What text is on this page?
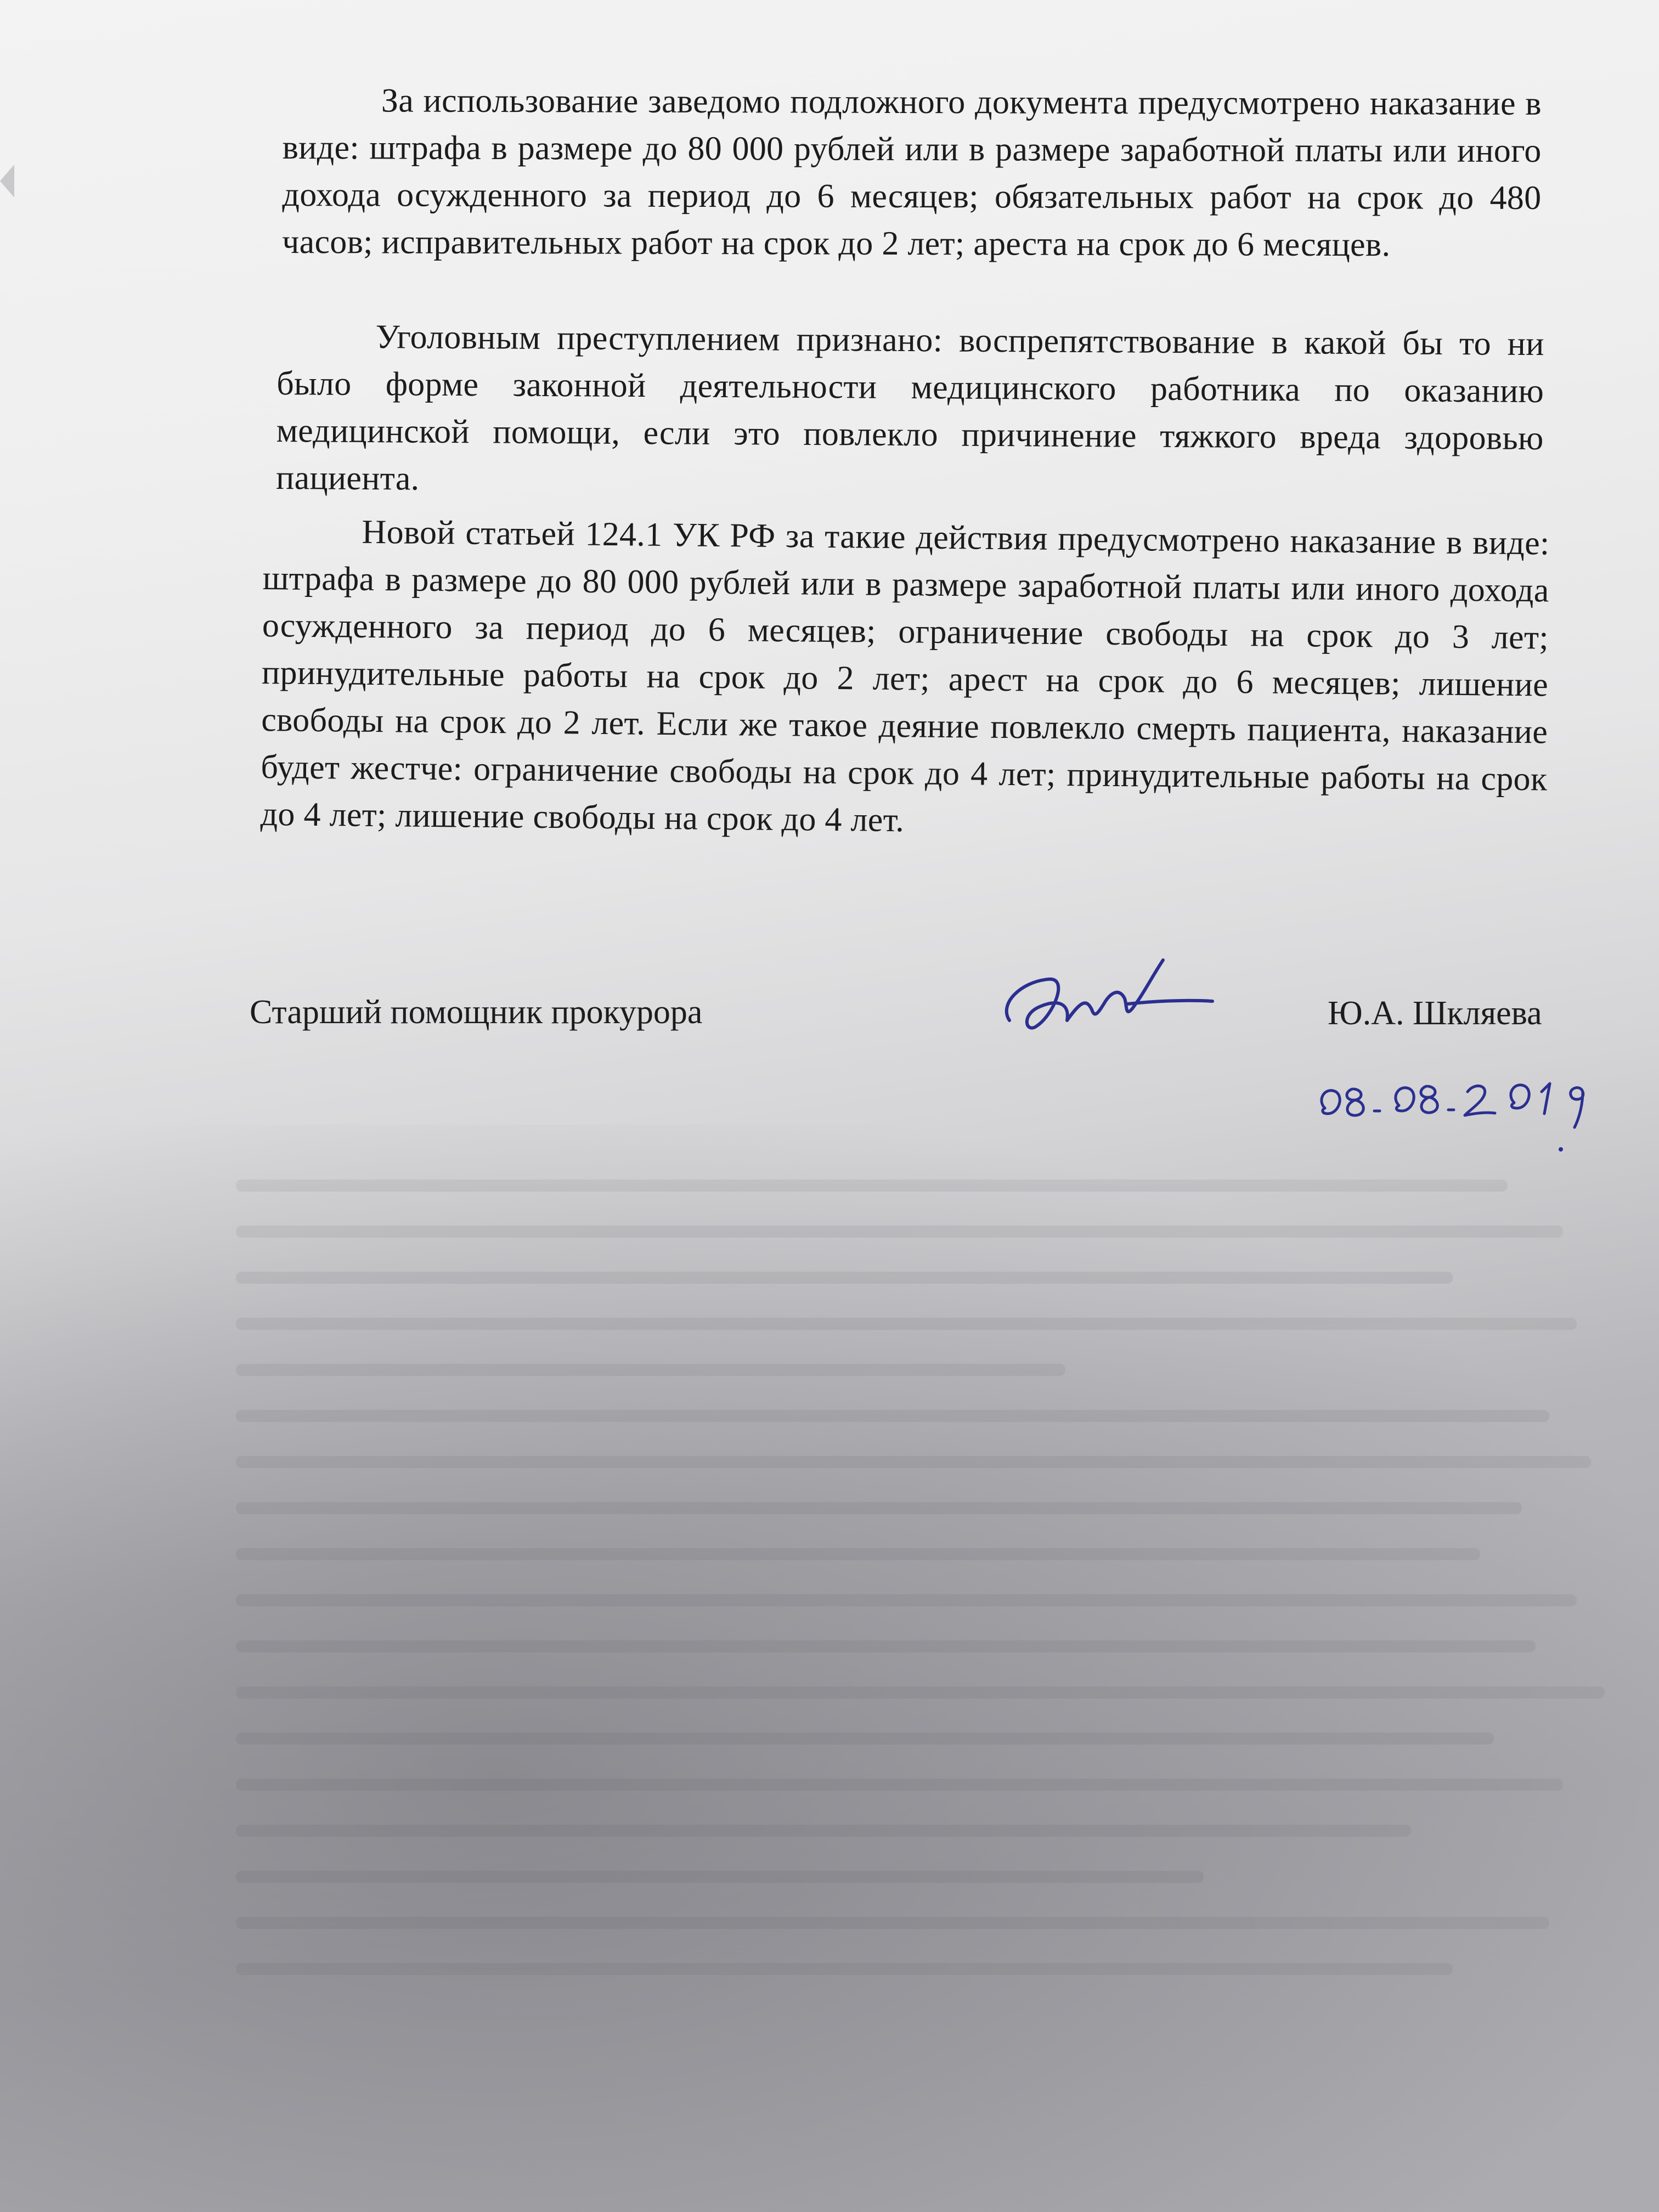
За использование заведомо подложного документа предусмотрено наказание в виде: штрафа в размере до 80 000 рублей или в размере заработной платы или иного дохода осужденного за период до 6 месяцев; обязательных работ на срок до 480 часов; исправительных работ на срок до 2 лет; ареста на срок до 6 месяцев.
Уголовным преступлением признано: воспрепятствование в какой бы то ни было форме законной деятельности медицинского работника по оказанию медицинской помощи, если это повлекло причинение тяжкого вреда здоровью пациента.
Новой статьей 124.1 УК РФ за такие действия предусмотрено наказание в виде: штрафа в размере до 80 000 рублей или в размере заработной платы или иного дохода осужденного за период до 6 месяцев; ограничение свободы на срок до 3 лет; принудительные работы на срок до 2 лет; арест на срок до 6 месяцев; лишение свободы на срок до 2 лет. Если же такое деяние повлекло смерть пациента, наказание будет жестче: ограничение свободы на срок до 4 лет; принудительные работы на срок до 4 лет; лишение свободы на срок до 4 лет.
Старший помощник прокурора	Ю.А. Шкляева
